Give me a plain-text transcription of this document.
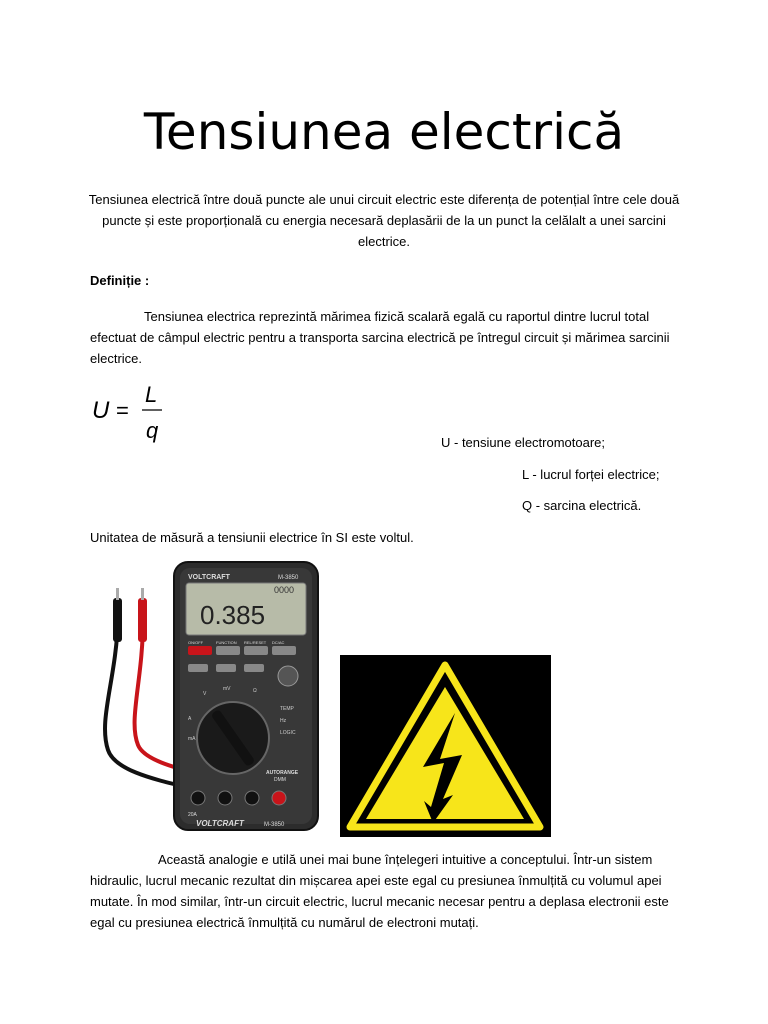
Tensiunea electrică
Tensiunea electrică între două puncte ale unui circuit electric este diferența de potențial între cele două puncte și este proporțională cu energia necesară deplasării de la un punct la celălalt a unei sarcini electrice.
Definiție :
Tensiunea electrica reprezintă mărimea fizică scalară egală cu raportul dintre lucrul total efectuat de câmpul electric pentru a transporta sarcina electrică pe întregul circuit și mărimea sarcinii electrice.
U =
L
q	U - tensiune electromotoare;
L - lucrul forței electrice;
Q - sarcina electrică.
Unitatea de măsură a tensiunii electrice în SI este voltul.
VOLTCRAFT	M-3850
0000
0.385
ON/OFF	FUNCTION REL/RESET DC/AC
V
mV	Ω
TEMP
Hz
LOGIC
A
mA
AUTORANGE
DMM
20A
VOLTCRAFT	M-3850
Această analogie e utilă unei mai bune înțelegeri intuitive a conceptului. Într-un sistem hidraulic, lucrul mecanic rezultat din mișcarea apei este egal cu presiunea înmulțită cu volumul apei mutate. În mod similar, într-un circuit electric, lucrul mecanic necesar pentru a deplasa electronii este egal cu presiunea electrică înmulțită cu numărul de electroni mutați.
